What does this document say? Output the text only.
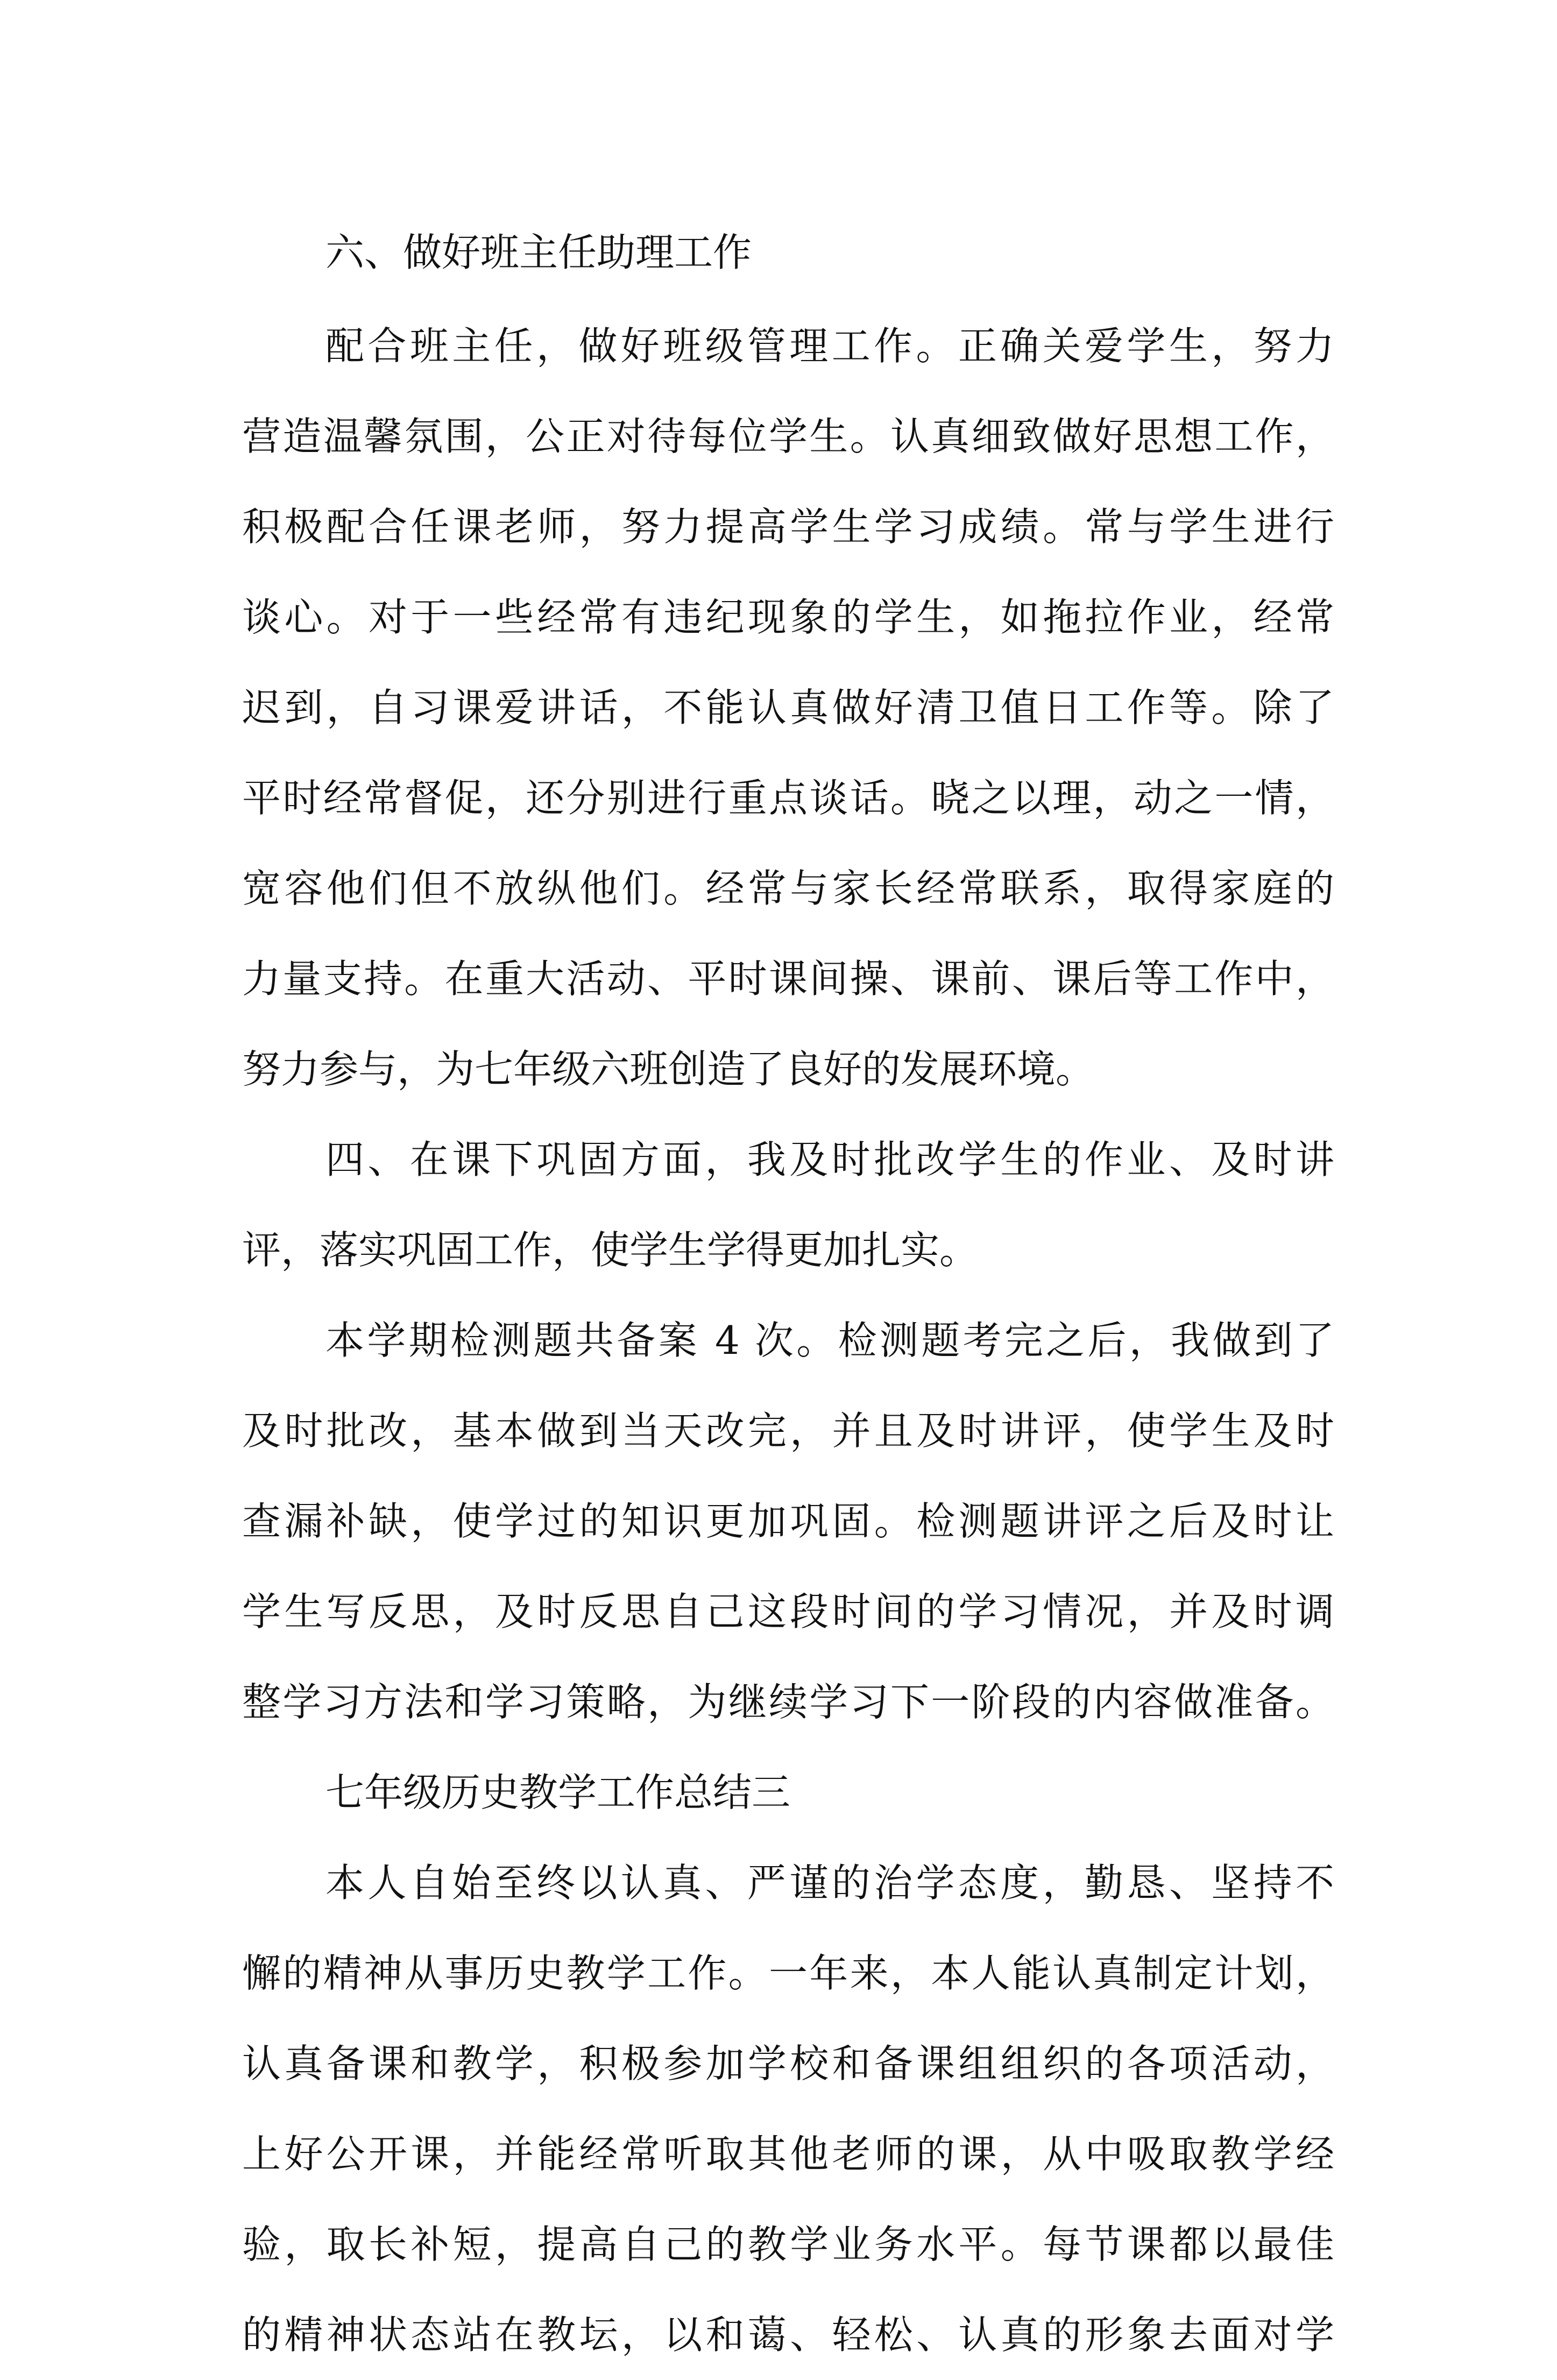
六、做好班主任助理工作
配合班主任，做好班级管理工作。正确关爱学生，努力
营造温馨氛围，公正对待每位学生。认真细致做好思想工作，
积极配合任课老师，努力提高学生学习成绩。常与学生进行
谈心。对于一些经常有违纪现象的学生，如拖拉作业，经常
迟到，自习课爱讲话，不能认真做好清卫值日工作等。除了
平时经常督促，还分别进行重点谈话。晓之以理，动之一情，
宽容他们但不放纵他们。经常与家长经常联系，取得家庭的
力量支持。在重大活动、平时课间操、课前、课后等工作中，
努力参与，为七年级六班创造了良好的发展环境。
四、在课下巩固方面，我及时批改学生的作业、及时讲
评，落实巩固工作，使学生学得更加扎实。
本学期检测题共备案 4 次。检测题考完之后，我做到了
及时批改，基本做到当天改完，并且及时讲评，使学生及时
查漏补缺，使学过的知识更加巩固。检测题讲评之后及时让
学生写反思，及时反思自己这段时间的学习情况，并及时调
整学习方法和学习策略，为继续学习下一阶段的内容做准备。
七年级历史教学工作总结三
本人自始至终以认真、严谨的治学态度，勤恳、坚持不
懈的精神从事历史教学工作。一年来，本人能认真制定计划，
认真备课和教学，积极参加学校和备课组组织的各项活动，
上好公开课，并能经常听取其他老师的课，从中吸取教学经
验，取长补短，提高自己的教学业务水平。每节课都以最佳
的精神状态站在教坛，以和蔼、轻松、认真的形象去面对学
